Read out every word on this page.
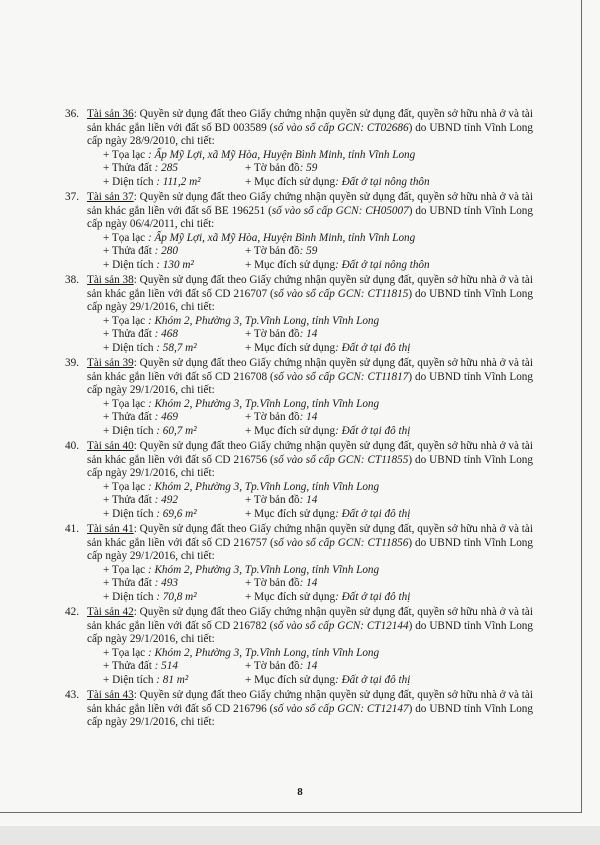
36. Tài sản 36: Quyền sử dụng đất theo Giấy chứng nhận quyền sử dụng đất, quyền sở hữu nhà ở và tài sản khác gắn liền với đất số BD 003589 (số vào sổ cấp GCN: CT02686) do UBND tỉnh Vĩnh Long cấp ngày 28/9/2010, chi tiết:
+ Tọa lạc : Ấp Mỹ Lợi, xã Mỹ Hòa, Huyện Bình Minh, tỉnh Vĩnh Long
+ Thửa đất : 285	+ Tờ bản đồ: 59
+ Diện tích : 111,2 m²	+ Mục đích sử dụng: Đất ở tại nông thôn
37. Tài sản 37: Quyền sử dụng đất theo Giấy chứng nhận quyền sử dụng đất, quyền sở hữu nhà ở và tài sản khác gắn liền với đất số BE 196251 (số vào sổ cấp GCN: CH05007) do UBND tỉnh Vĩnh Long cấp ngày 06/4/2011, chi tiết:
+ Tọa lạc : Ấp Mỹ Lợi, xã Mỹ Hòa, Huyện Bình Minh, tỉnh Vĩnh Long
+ Thửa đất : 280	+ Tờ bản đồ: 59
+ Diện tích : 130 m²	+ Mục đích sử dụng: Đất ở tại nông thôn
38. Tài sản 38: Quyền sử dụng đất theo Giấy chứng nhận quyền sử dụng đất, quyền sở hữu nhà ở và tài sản khác gắn liền với đất số CD 216707 (số vào sổ cấp GCN: CT11815) do UBND tỉnh Vĩnh Long cấp ngày 29/1/2016, chi tiết:
+ Tọa lạc : Khóm 2, Phường 3, Tp.Vĩnh Long, tỉnh Vĩnh Long
+ Thửa đất : 468	+ Tờ bản đồ: 14
+ Diện tích : 58,7 m²	+ Mục đích sử dụng: Đất ở tại đô thị
39. Tài sản 39: Quyền sử dụng đất theo Giấy chứng nhận quyền sử dụng đất, quyền sở hữu nhà ở và tài sản khác gắn liền với đất số CD 216708 (số vào sổ cấp GCN: CT11817) do UBND tỉnh Vĩnh Long cấp ngày 29/1/2016, chi tiết:
+ Tọa lạc : Khóm 2, Phường 3, Tp.Vĩnh Long, tỉnh Vĩnh Long
+ Thửa đất : 469	+ Tờ bản đồ: 14
+ Diện tích : 60,7 m²	+ Mục đích sử dụng: Đất ở tại đô thị
40. Tài sản 40: Quyền sử dụng đất theo Giấy chứng nhận quyền sử dụng đất, quyền sở hữu nhà ở và tài sản khác gắn liền với đất số CD 216756 (số vào sổ cấp GCN: CT11855) do UBND tỉnh Vĩnh Long cấp ngày 29/1/2016, chi tiết:
+ Tọa lạc : Khóm 2, Phường 3, Tp.Vĩnh Long, tỉnh Vĩnh Long
+ Thửa đất : 492	+ Tờ bản đồ: 14
+ Diện tích : 69,6 m²	+ Mục đích sử dụng: Đất ở tại đô thị
41. Tài sản 41: Quyền sử dụng đất theo Giấy chứng nhận quyền sử dụng đất, quyền sở hữu nhà ở và tài sản khác gắn liền với đất số CD 216757 (số vào sổ cấp GCN: CT11856) do UBND tỉnh Vĩnh Long cấp ngày 29/1/2016, chi tiết:
+ Tọa lạc : Khóm 2, Phường 3, Tp.Vĩnh Long, tỉnh Vĩnh Long
+ Thửa đất : 493	+ Tờ bản đồ: 14
+ Diện tích : 70,8 m²	+ Mục đích sử dụng: Đất ở tại đô thị
42. Tài sản 42: Quyền sử dụng đất theo Giấy chứng nhận quyền sử dụng đất, quyền sở hữu nhà ở và tài sản khác gắn liền với đất số CD 216782 (số vào sổ cấp GCN: CT12144) do UBND tỉnh Vĩnh Long cấp ngày 29/1/2016, chi tiết:
+ Tọa lạc : Khóm 2, Phường 3, Tp.Vĩnh Long, tỉnh Vĩnh Long
+ Thửa đất : 514	+ Tờ bản đồ: 14
+ Diện tích : 81 m²	+ Mục đích sử dụng: Đất ở tại đô thị
43. Tài sản 43: Quyền sử dụng đất theo Giấy chứng nhận quyền sử dụng đất, quyền sở hữu nhà ở và tài sản khác gắn liền với đất số CD 216796 (số vào sổ cấp GCN: CT12147) do UBND tỉnh Vĩnh Long cấp ngày 29/1/2016, chi tiết:
8
